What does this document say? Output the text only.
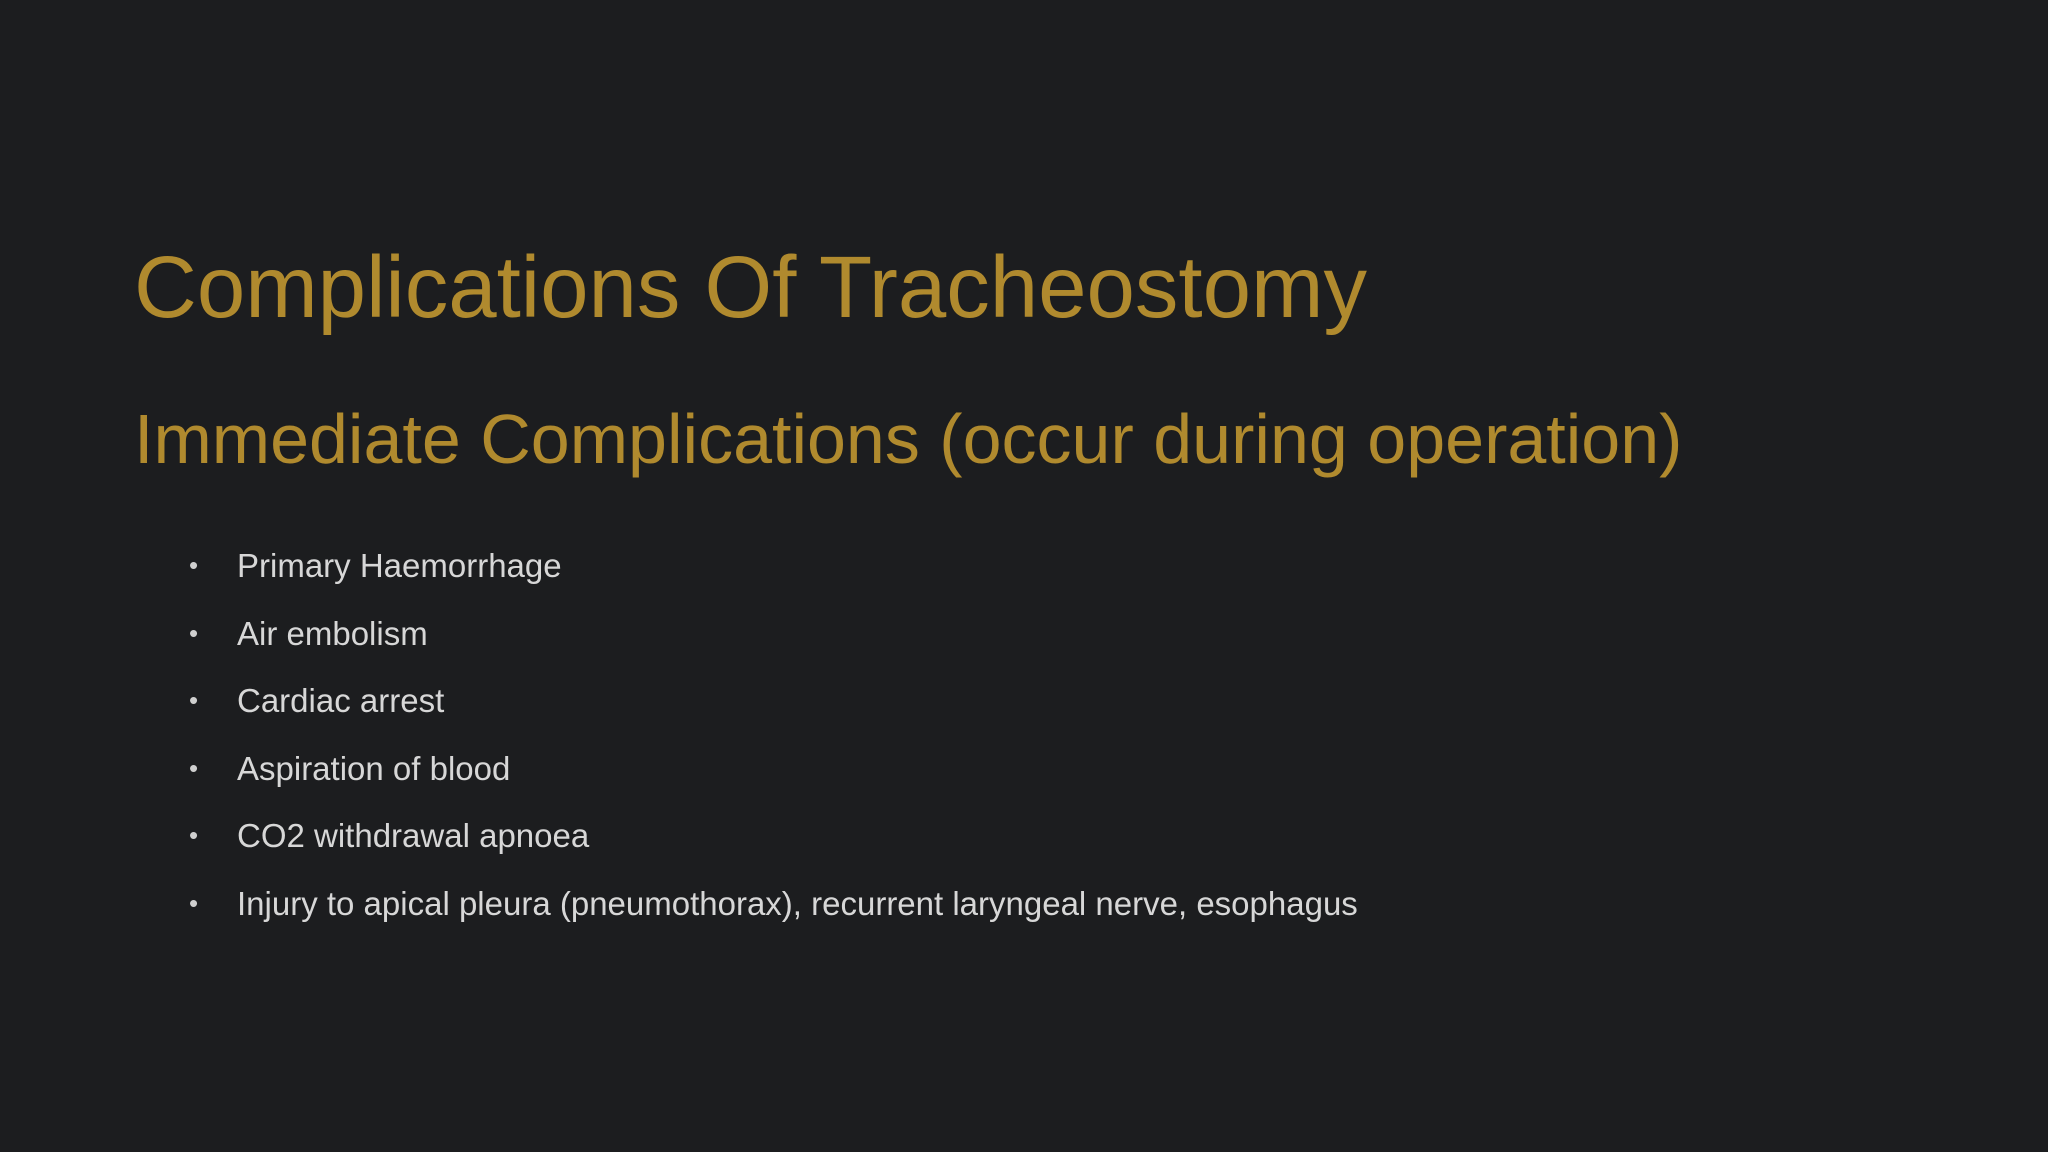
Complications Of Tracheostomy
Immediate Complications (occur during operation)
• Primary Haemorrhage
• Air embolism
• Cardiac arrest
• Aspiration of blood
• CO2 withdrawal apnoea
• Injury to apical pleura (pneumothorax), recurrent laryngeal nerve, esophagus
